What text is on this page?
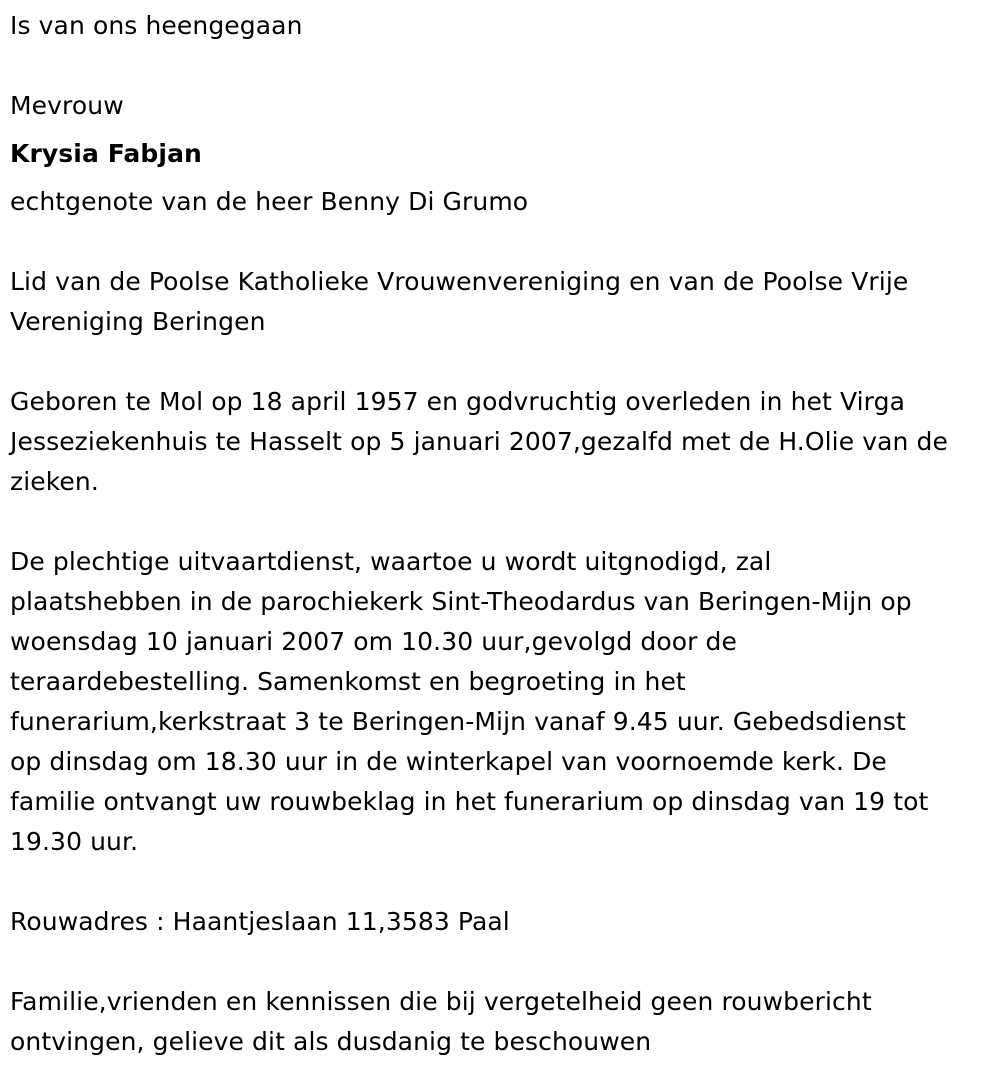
Is van ons heengegaan

Mevrouw

Krysia Fabjan

echtgenote van de heer Benny Di Grumo

Lid van de Poolse Katholieke Vrouwenvereniging en van de Poolse Vrije
Vereniging Beringen
Geboren te Mol op 18 april 1957 en godvruchtig overleden in het Virga
Jesseziekenhuis te Hasselt op 5 januari 2007,gezalfd met de H.Olie van de
zieken.
De plechtige uitvaartdienst, waartoe u wordt uitgnodigd, zal
plaatshebben in de parochiekerk Sint-Theodardus van Beringen-Mijn op
woensdag 10 januari 2007 om 10.30 uur,gevolgd door de
teraardebestelling. Samenkomst en begroeting in het
funerarium,kerkstraat 3 te Beringen-Mijn vanaf 9.45 uur. Gebedsdienst
op dinsdag om 18.30 uur in de winterkapel van voornoemde kerk. De
familie ontvangt uw rouwbeklag in het funerarium op dinsdag van 19 tot
19.30 uur.

Rouwadres : Haantjeslaan 11,3583 Paal

Familie,vrienden en kennissen die bij vergetelheid geen rouwbericht
ontvingen, gelieve dit als dusdanig te beschouwen
